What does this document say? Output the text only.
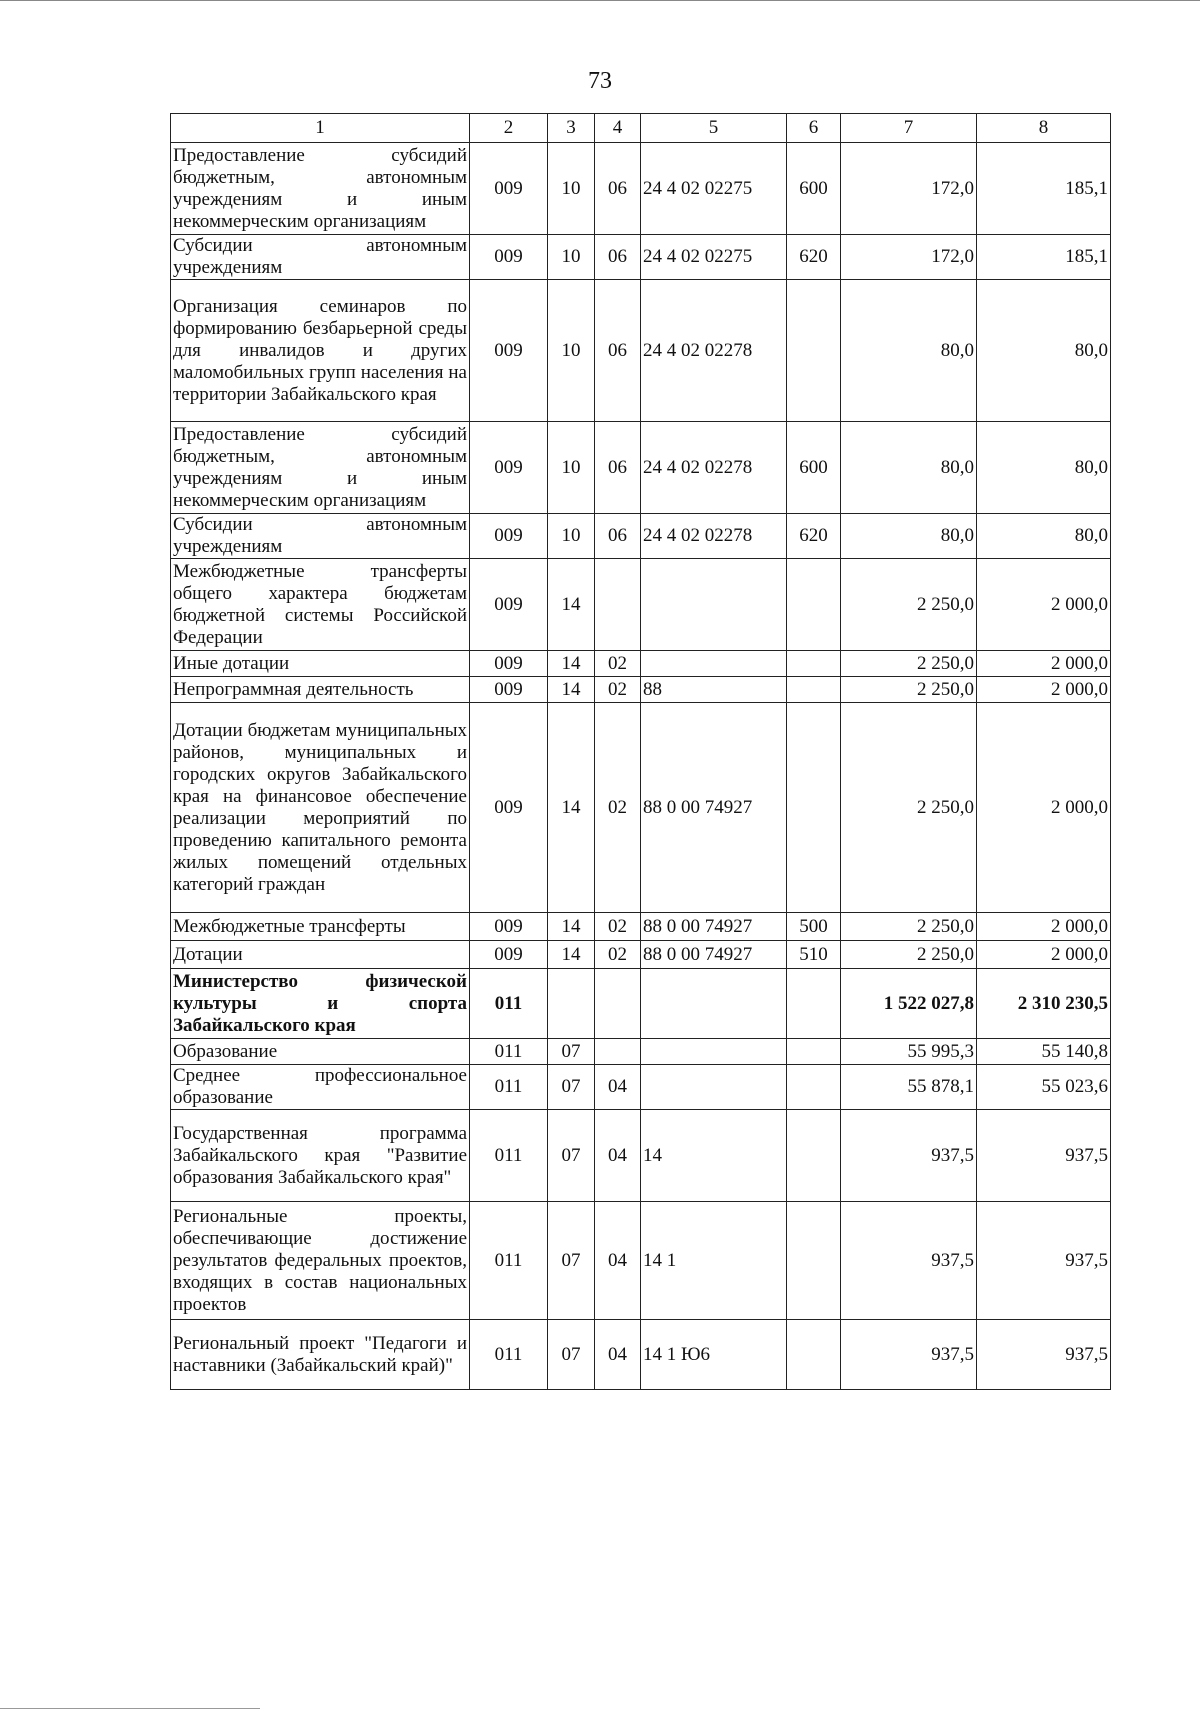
73
1	2	3	4	5	6	7	8
Предоставление субсидий бюджетным, автономным учреждениям и иным некоммерческим организациям	009	10	06	24 4 02 02275	600	172,0	185,1
Субсидии автономным учреждениям	009	10	06	24 4 02 02275	620	172,0	185,1
Организация семинаров по формированию безбарьерной среды для инвалидов и других маломобильных групп населения на территории Забайкальского края	009	10	06	24 4 02 02278		80,0	80,0
Предоставление субсидий бюджетным, автономным учреждениям и иным некоммерческим организациям	009	10	06	24 4 02 02278	600	80,0	80,0
Субсидии автономным учреждениям	009	10	06	24 4 02 02278	620	80,0	80,0
Межбюджетные трансферты общего характера бюджетам бюджетной системы Российской Федерации	009	14				2 250,0	2 000,0
Иные дотации	009	14	02			2 250,0	2 000,0
Непрограммная деятельность	009	14	02	88		2 250,0	2 000,0
Дотации бюджетам муниципальных районов, муниципальных и городских округов Забайкальского края на финансовое обеспечение реализации мероприятий по проведению капитального ремонта жилых помещений отдельных категорий граждан	009	14	02	88 0 00 74927		2 250,0	2 000,0
Межбюджетные трансферты	009	14	02	88 0 00 74927	500	2 250,0	2 000,0
Дотации	009	14	02	88 0 00 74927	510	2 250,0	2 000,0
Министерство физической культуры и спорта Забайкальского края	011					1 522 027,8	2 310 230,5
Образование	011	07				55 995,3	55 140,8
Среднее профессиональное образование	011	07	04			55 878,1	55 023,6
Государственная программа Забайкальского края "Развитие образования Забайкальского края"	011	07	04	14		937,5	937,5
Региональные проекты, обеспечивающие достижение результатов федеральных проектов, входящих в состав национальных проектов	011	07	04	14 1		937,5	937,5
Региональный проект "Педагоги и наставники (Забайкальский край)"	011	07	04	14 1 Ю6		937,5	937,5
